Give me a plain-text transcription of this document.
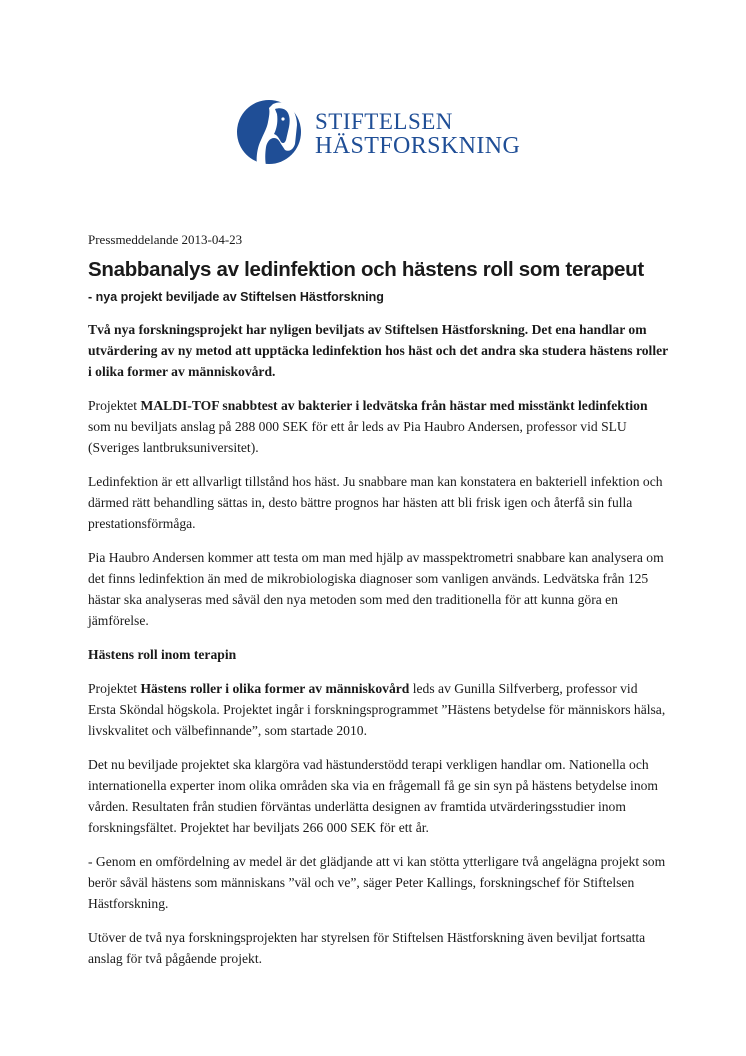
STIFTELSEN
HÄSTFORSKNING
Pressmeddelande 2013-04-23
Snabbanalys av ledinfektion och hästens roll som terapeut

- nya projekt beviljade av Stiftelsen Hästforskning

Två nya forskningsprojekt har nyligen beviljats av Stiftelsen Hästforskning. Det ena handlar om utvärdering av ny metod att upptäcka ledinfektion hos häst och det andra ska studera hästens roller i olika former av människovård.

Projektet MALDI-TOF snabbtest av bakterier i ledvätska från hästar med misstänkt ledinfektion som nu beviljats anslag på 288 000 SEK för ett år leds av Pia Haubro Andersen, professor vid SLU (Sveriges lantbruksuniversitet).

Ledinfektion är ett allvarligt tillstånd hos häst. Ju snabbare man kan konstatera en bakteriell infektion och därmed rätt behandling sättas in, desto bättre prognos har hästen att bli frisk igen och återfå sin fulla prestationsförmåga.

Pia Haubro Andersen kommer att testa om man med hjälp av masspektrometri snabbare kan analysera om det finns ledinfektion än med de mikrobiologiska diagnoser som vanligen används. Ledvätska från 125 hästar ska analyseras med såväl den nya metoden som med den traditionella för att kunna göra en jämförelse.

Hästens roll inom terapin

Projektet Hästens roller i olika former av människovård leds av Gunilla Silfverberg, professor vid Ersta Sköndal högskola. Projektet ingår i forskningsprogrammet ”Hästens betydelse för människors hälsa, livskvalitet och välbefinnande”, som startade 2010.

Det nu beviljade projektet ska klargöra vad hästunderstödd terapi verkligen handlar om. Nationella och internationella experter inom olika områden ska via en frågemall få ge sin syn på hästens betydelse inom vården. Resultaten från studien förväntas underlätta designen av framtida utvärderingsstudier inom forskningsfältet. Projektet har beviljats 266 000 SEK för ett år.

- Genom en omfördelning av medel är det glädjande att vi kan stötta ytterligare två angelägna projekt som berör såväl hästens som människans ”väl och ve”, säger Peter Kallings, forskningschef för Stiftelsen Hästforskning.

Utöver de två nya forskningsprojekten har styrelsen för Stiftelsen Hästforskning även beviljat fortsatta anslag för två pågående projekt.
